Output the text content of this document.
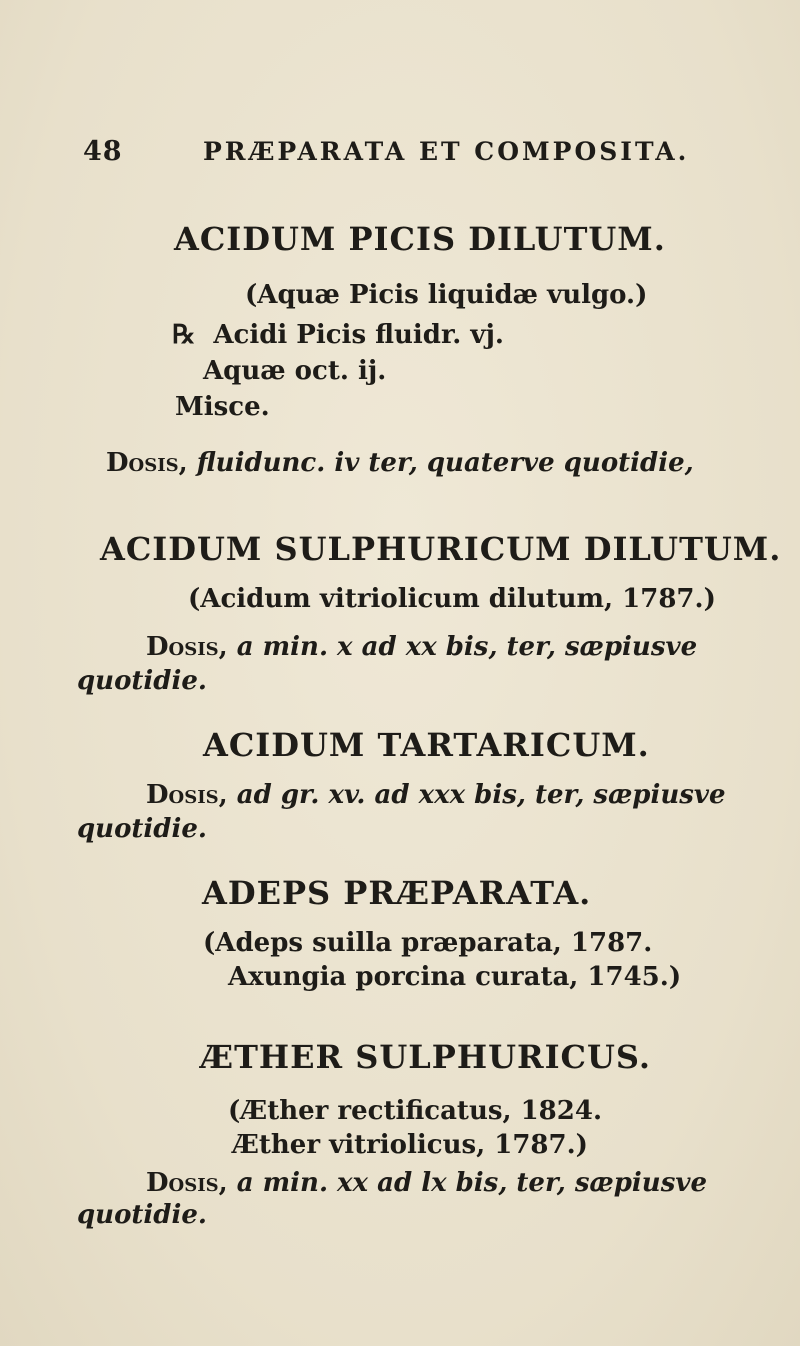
48	PRÆPARATA ET COMPOSITA.
ACIDUM PICIS DILUTUM.
(Aquæ Picis liquidæ vulgo.)
℞ Acidi Picis fluidr. vj.
Aquæ oct. ij.
Misce.
Dosis, fluidunc. iv ter, quaterve quotidie,
ACIDUM SULPHURICUM DILUTUM.
(Acidum vitriolicum dilutum, 1787.)
Dosis, a min. x ad xx bis, ter, sæpiusve
quotidie.
ACIDUM TARTARICUM.
Dosis, ad gr. xv. ad xxx bis, ter, sæpiusve
quotidie.
ADEPS PRÆPARATA.
(Adeps suilla præparata, 1787.
Axungia porcina curata, 1745.)
ÆTHER SULPHURICUS.
(Æther rectificatus, 1824.
Æther vitriolicus, 1787.)
Dosis, a min. xx ad lx bis, ter, sæpiusve
quotidie.
